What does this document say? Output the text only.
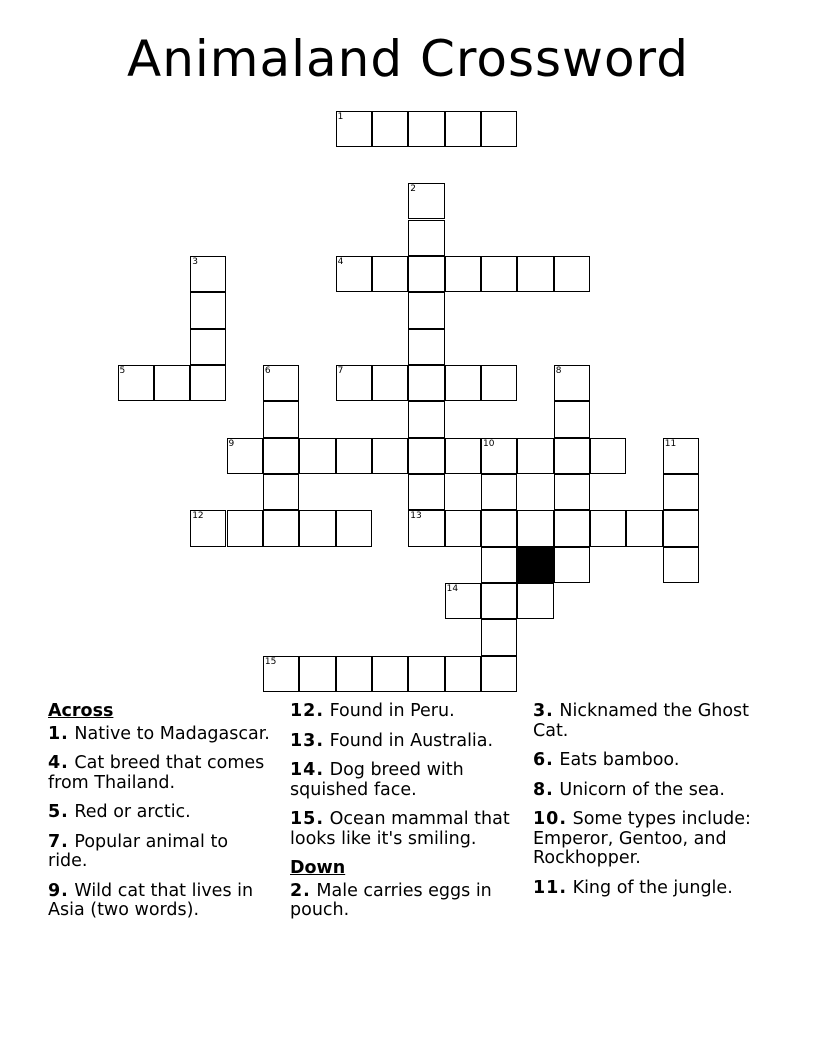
Animaland Crossword
1
4
5	7
9	10
12	13
14
15
2
3
6	8
11
Across
1. Native to Madagascar.
4. Cat breed that comes from Thailand.
5. Red or arctic.
7. Popular animal to ride.
9. Wild cat that lives in Asia (two words).
12. Found in Peru.
13. Found in Australia.
14. Dog breed with squished face.
15. Ocean mammal that looks like it's smiling.
Down
2. Male carries eggs in pouch.
3. Nicknamed the Ghost Cat.
6. Eats bamboo.
8. Unicorn of the sea.
10. Some types include: Emperor, Gentoo, and Rockhopper.
11. King of the jungle.
